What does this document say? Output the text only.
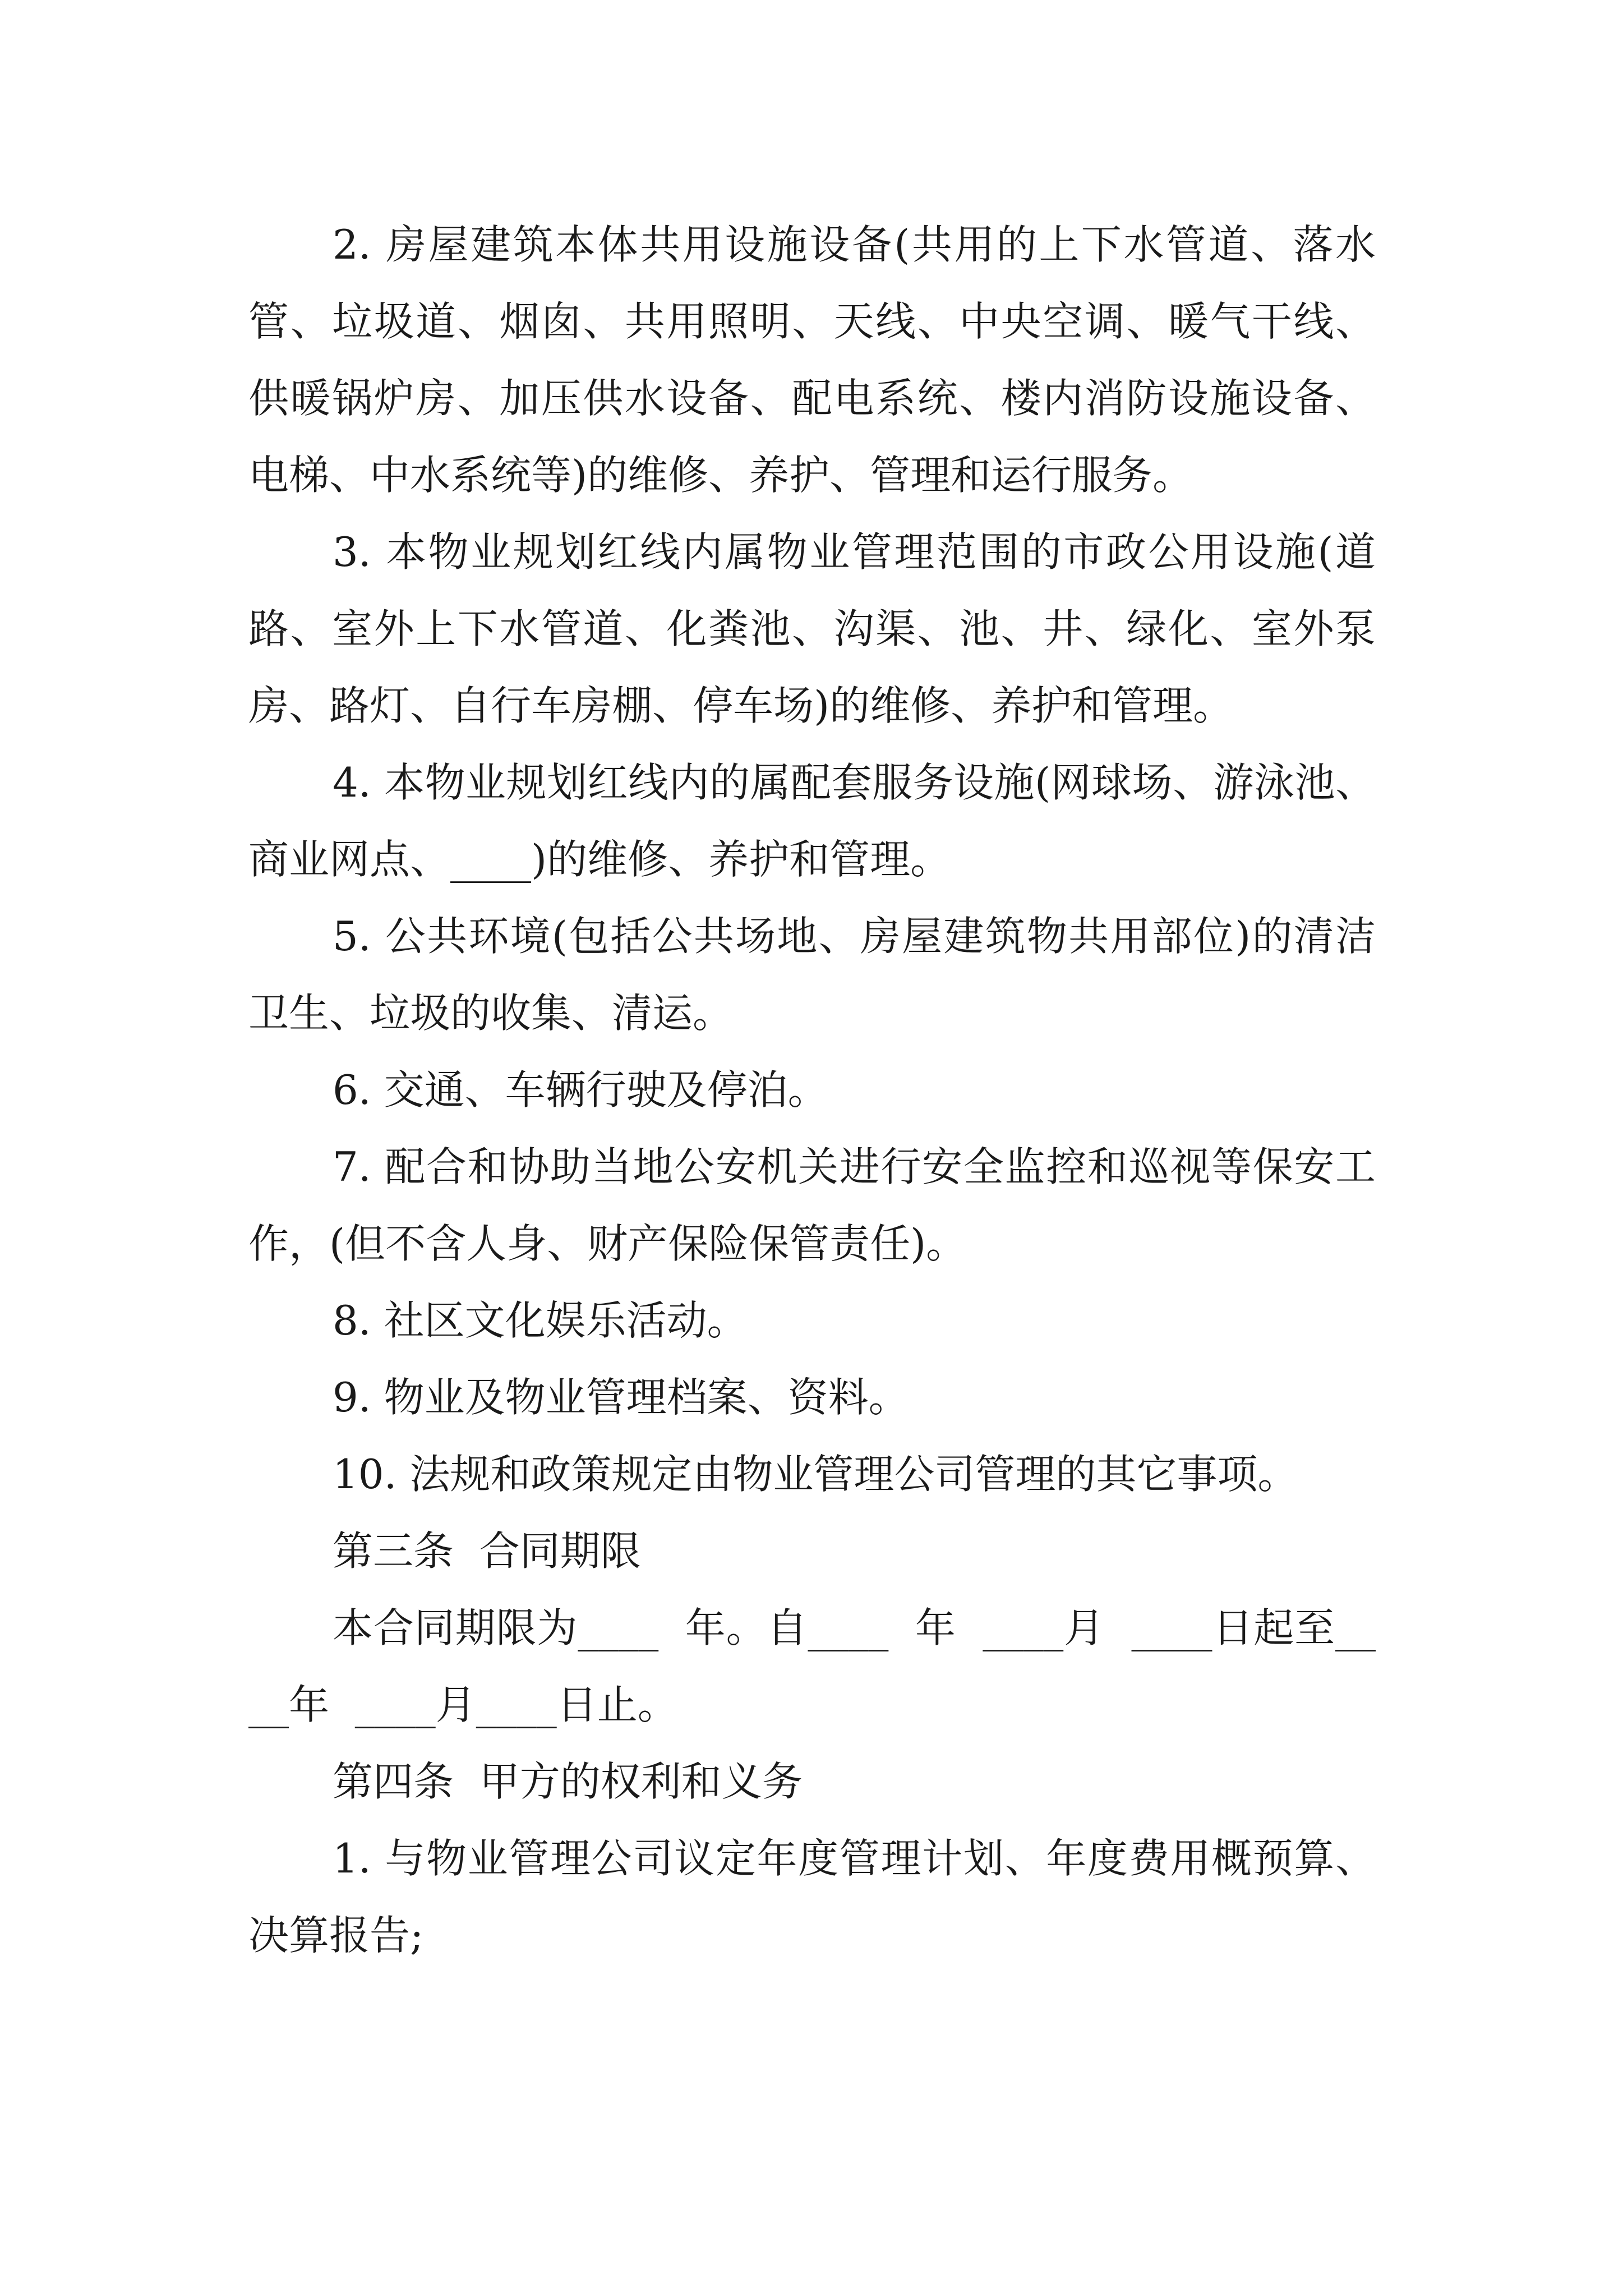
2. 房屋建筑本体共用设施设备(共用的上下水管道、落水管、垃圾道、烟囱、共用照明、天线、中央空调、暖气干线、供暖锅炉房、加压供水设备、配电系统、楼内消防设施设备、电梯、中水系统等)的维修、养护、管理和运行服务。

3. 本物业规划红线内属物业管理范围的市政公用设施(道路、室外上下水管道、化粪池、沟渠、池、井、绿化、室外泵房、路灯、自行车房棚、停车场)的维修、养护和管理。

4. 本物业规划红线内的属配套服务设施(网球场、游泳池、商业网点、____)的维修、养护和管理。

5. 公共环境(包括公共场地、房屋建筑物共用部位)的清洁卫生、垃圾的收集、清运。

6. 交通、车辆行驶及停泊。

7. 配合和协助当地公安机关进行安全监控和巡视等保安工作，(但不含人身、财产保险保管责任)。

8. 社区文化娱乐活动。

9. 物业及物业管理档案、资料。

10. 法规和政策规定由物业管理公司管理的其它事项。

第三条  合同期限

本合同期限为____  年。自____  年  ____月  ____日起至____年  ____月____日止。

第四条  甲方的权利和义务

1. 与物业管理公司议定年度管理计划、年度费用概预算、决算报告;
